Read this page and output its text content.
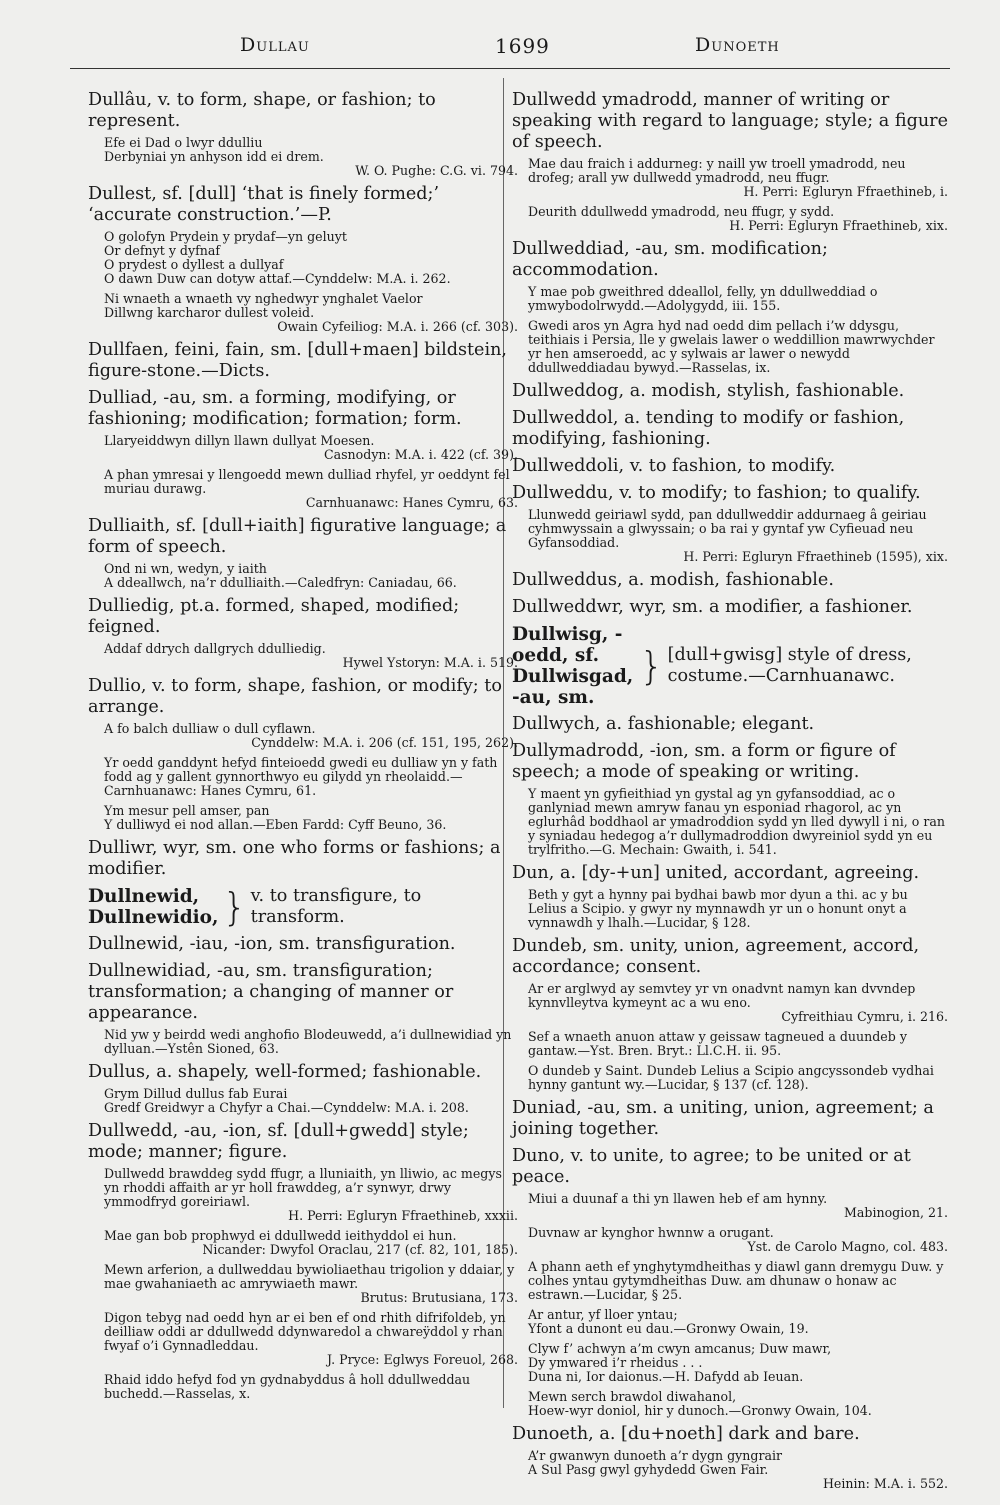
Dullau	1699	Dunoeth

Dullâu, v. to form, shape, or fashion; to represent.

Efe ei Dad o lwyr ddulliu
Derbyniai yn anhyson idd ei drem.

W. O. Pughe: C.G. vi. 794.

Dullest, sf. [dull] ‘that is finely formed;’ ‘accurate construction.’—P.

O golofyn Prydein y prydaf—yn geluyt
Or defnyt y dyfnaf
O prydest o dyllest a dullyaf
O dawn Duw can dotyw attaf.—Cynddelw: M.A. i. 262.
Ni wnaeth a wnaeth vy nghedwyr ynghalet Vaelor
Dillwng karcharor dullest voleid.

Owain Cyfeiliog: M.A. i. 266 (cf. 303).

Dullfaen, feini, fain, sm. [dull+maen] bildstein, figure-stone.—Dicts.

Dulliad, -au, sm. a forming, modifying, or fashioning; modification; formation; form.

Llaryeiddwyn dillyn llawn dullyat Moesen.

Casnodyn: M.A. i. 422 (cf. 39).

A phan ymresai y llengoedd mewn dulliad rhyfel, yr oeddynt fel muriau durawg.

Carnhuanawc: Hanes Cymru, 63.

Dulliaith, sf. [dull+iaith] figurative language; a form of speech.

Ond ni wn, wedyn, y iaith
A ddeallwch, na’r ddulliaith.—Caledfryn: Caniadau, 66.

Dulliedig, pt.a. formed, shaped, modified; feigned.

Addaf ddrych dallgrych ddulliedig.

Hywel Ystoryn: M.A. i. 519.

Dullio, v. to form, shape, fashion, or modify; to arrange.

A fo balch dulliaw o dull cyflawn.

Cynddelw: M.A. i. 206 (cf. 151, 195, 262).

Yr oedd ganddynt hefyd finteioedd gwedi eu dulliaw yn y fath fodd ag y gallent gynnorthwyo eu gilydd yn rheolaidd.—Carnhuanawc: Hanes Cymru, 61.
Ym mesur pell amser, pan
Y dulliwyd ei nod allan.—Eben Fardd: Cyff Beuno, 36.

Dulliwr, wyr, sm. one who forms or fashions; a modifier.

Dullnewid,
Dullnewidio, } v. to transfigure, to transform.

Dullnewid, -iau, -ion, sm. transfiguration.

Dullnewidiad, -au, sm. transfiguration; transformation; a changing of manner or appearance.

Nid yw y beirdd wedi anghofio Blodeuwedd, a’i dullnewidiad yn dylluan.—Ystên Sioned, 63.

Dullus, a. shapely, well-formed; fashionable.

Grym Dillud dullus fab Eurai
Gredf Greidwyr a Chyfyr a Chai.—Cynddelw: M.A. i. 208.

Dullwedd, -au, -ion, sf. [dull+gwedd] style; mode; manner; figure.

Dullwedd brawddeg sydd ffugr, a lluniaith, yn lliwio, ac megys yn rhoddi affaith ar yr holl frawddeg, a’r synwyr, drwy ymmodfryd goreiriawl.

H. Perri: Egluryn Ffraethineb, xxxii.

Mae gan bob prophwyd ei ddullwedd ieithyddol ei hun.

Nicander: Dwyfol Oraclau, 217 (cf. 82, 101, 185).

Mewn arferion, a dullweddau bywioliaethau trigolion y ddaiar, y mae gwahaniaeth ac amrywiaeth mawr.

Brutus: Brutusiana, 173.

Digon tebyg nad oedd hyn ar ei ben ef ond rhith difrifoldeb, yn deilliaw oddi ar ddullwedd ddynwaredol a chwareÿddol y rhan fwyaf o’i Gynnadleddau.

J. Pryce: Eglwys Foreuol, 268.

Rhaid iddo hefyd fod yn gydnabyddus â holl ddullweddau buchedd.—Rasselas, x.

Dullwedd ymadrodd, manner of writing or speaking with regard to language; style; a figure of speech.

Mae dau fraich i addurneg: y naill yw troell ymadrodd, neu drofeg; arall yw dullwedd ymadrodd, neu ffugr.

H. Perri: Egluryn Ffraethineb, i.

Deurith ddullwedd ymadrodd, neu ffugr, y sydd.

H. Perri: Egluryn Ffraethineb, xix.

Dullweddiad, -au, sm. modification; accommodation.

Y mae pob gweithred ddeallol, felly, yn ddullweddiad o ymwybodolrwydd.—Adolygydd, iii. 155.
Gwedi aros yn Agra hyd nad oedd dim pellach i’w ddysgu, teithiais i Persia, lle y gwelais lawer o weddillion mawrwychder yr hen amseroedd, ac y sylwais ar lawer o newydd ddullweddiadau bywyd.—Rasselas, ix.

Dullweddog, a. modish, stylish, fashionable.

Dullweddol, a. tending to modify or fashion, modifying, fashioning.

Dullweddoli, v. to fashion, to modify.

Dullweddu, v. to modify; to fashion; to qualify.

Llunwedd geiriawl sydd, pan ddullweddir addurnaeg â geiriau cyhmwyssain a glwyssain; o ba rai y gyntaf yw Cyfieuad neu Gyfansoddiad.

H. Perri: Egluryn Ffraethineb (1595), xix.

Dullweddus, a. modish, fashionable.

Dullweddwr, wyr, sm. a modifier, a fashioner.

Dullwisg, -oedd, sf.
Dullwisgad, -au, sm.
} [dull+gwisg] style of dress, costume.—Carnhuanawc.

Dullwych, a. fashionable; elegant.

Dullymadrodd, -ion, sm. a form or figure of speech; a mode of speaking or writing.

Y maent yn gyfieithiad yn gystal ag yn gyfansoddiad, ac o ganlyniad mewn amryw fanau yn esponiad rhagorol, ac yn eglurhâd boddhaol ar ymadroddion sydd yn lled dywyll i ni, o ran y syniadau hedegog a’r dullymadroddion dwyreiniol sydd yn eu trylfritho.—G. Mechain: Gwaith, i. 541.

Dun, a. [dy-+un] united, accordant, agreeing.

Beth y gyt a hynny pai bydhai bawb mor dyun a thi. ac y bu Lelius a Scipio. y gwyr ny mynnawdh yr un o honunt onyt a vynnawdh y lhalh.—Lucidar, § 128.

Dundeb, sm. unity, union, agreement, accord, accordance; consent.

Ar er arglwyd ay semvtey yr vn onadvnt namyn kan dvvndep kynnvlleytva kymeynt ac a wu eno.

Cyfreithiau Cymru, i. 216.

Sef a wnaeth anuon attaw y geissaw tagneued a duundeb y gantaw.—Yst. Bren. Bryt.: Ll.C.H. ii. 95.
O dundeb y Saint. Dundeb Lelius a Scipio angcyssondeb vydhai hynny gantunt wy.—Lucidar, § 137 (cf. 128).

Duniad, -au, sm. a uniting, union, agreement; a joining together.

Duno, v. to unite, to agree; to be united or at peace.

Miui a duunaf a thi yn llawen heb ef am hynny.

Mabinogion, 21.

Duvnaw ar kynghor hwnnw a orugant.

Yst. de Carolo Magno, col. 483.

A phann aeth ef ynghytymdheithas y diawl gann dremygu Duw. y colhes yntau gytymdheithas Duw. am dhunaw o honaw ac estrawn.—Lucidar, § 25.
Ar antur, yf lloer yntau;
Yfont a dunont eu dau.—Gronwy Owain, 19.
Clyw f’ achwyn a’m cwyn amcanus; Duw mawr,
Dy ymwared i’r rheidus . . .
Duna ni, Ior daionus.—H. Dafydd ab Ieuan.
Mewn serch brawdol diwahanol,
Hoew-wyr doniol, hir y dunoch.—Gronwy Owain, 104.

Dunoeth, a. [du+noeth] dark and bare.

A’r gwanwyn dunoeth a’r dygn gyngrair
A Sul Pasg gwyl gyhydedd Gwen Fair.

Heinin: M.A. i. 552.
